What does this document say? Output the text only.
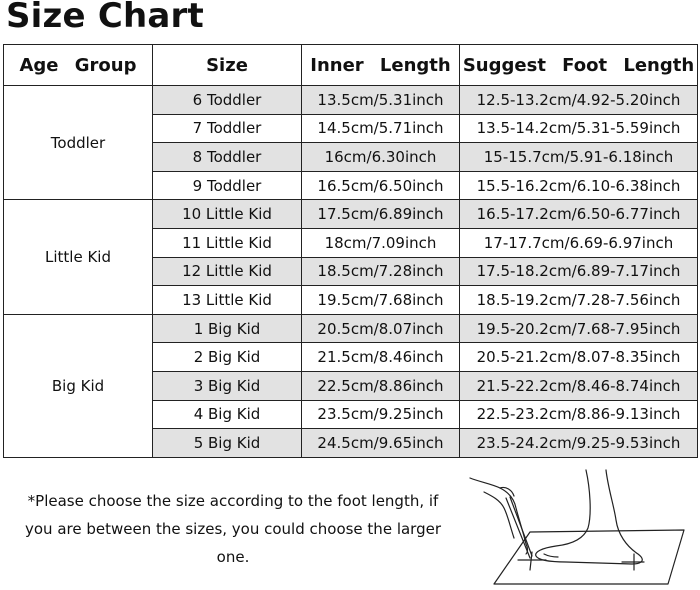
Size Chart
Age Group	Size	Inner Length	Suggest Foot Length
Toddler	6 Toddler	13.5cm/5.31inch	12.5-13.2cm/4.92-5.20inch
	7 Toddler	14.5cm/5.71inch	13.5-14.2cm/5.31-5.59inch
	8 Toddler	16cm/6.30inch	15-15.7cm/5.91-6.18inch
	9 Toddler	16.5cm/6.50inch	15.5-16.2cm/6.10-6.38inch
Little Kid	10 Little Kid	17.5cm/6.89inch	16.5-17.2cm/6.50-6.77inch
	11 Little Kid	18cm/7.09inch	17-17.7cm/6.69-6.97inch
	12 Little Kid	18.5cm/7.28inch	17.5-18.2cm/6.89-7.17inch
	13 Little Kid	19.5cm/7.68inch	18.5-19.2cm/7.28-7.56inch
Big Kid	1 Big Kid	20.5cm/8.07inch	19.5-20.2cm/7.68-7.95inch
	2 Big Kid	21.5cm/8.46inch	20.5-21.2cm/8.07-8.35inch
	3 Big Kid	22.5cm/8.86inch	21.5-22.2cm/8.46-8.74inch
	4 Big Kid	23.5cm/9.25inch	22.5-23.2cm/8.86-9.13inch
	5 Big Kid	24.5cm/9.65inch	23.5-24.2cm/9.25-9.53inch
*Please choose the size according to the foot length, if you are between the sizes, you could choose the larger one.
